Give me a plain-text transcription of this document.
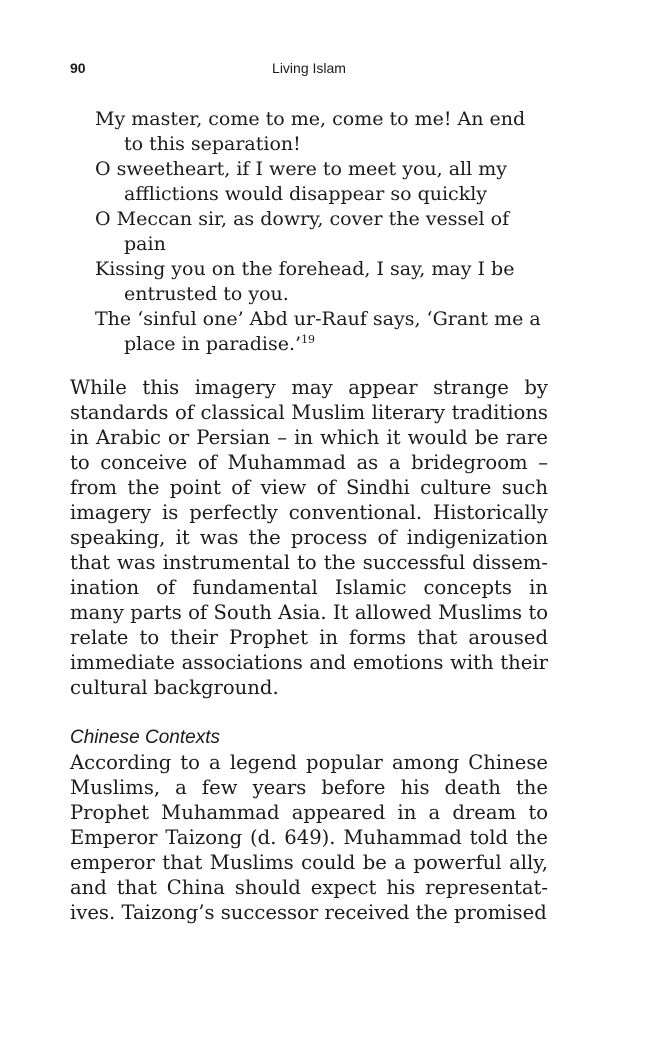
90	Living Islam
My master, come to me, come to me! An end to this separation!
O sweetheart, if I were to meet you, all my afflictions would disappear so quickly
O Meccan sir, as dowry, cover the vessel of pain
Kissing you on the forehead, I say, may I be entrusted to you.
The ‘sinful one’ Abd ur-Rauf says, ‘Grant me a place in paradise.’$^{19}$

While this imagery may appear strange by standards of classical Muslim literary traditions in Arabic or Persian – in which it would be rare to conceive of Muhammad as a bridegroom – from the point of view of Sindhi culture such imagery is perfectly conventional. Historically speaking, it was the process of indigenization that was instrumental to the successful dissemination of fundamental Islamic concepts in many parts of South Asia. It allowed Muslims to relate to their Prophet in forms that aroused immediate associations and emotions with their cultural background.

Chinese Contexts

According to a legend popular among Chinese Muslims, a few years before his death the Prophet Muhammad appeared in a dream to Emperor Taizong (d. 649). Muhammad told the emperor that Muslims could be a powerful ally, and that China should expect his representatives. Taizong’s successor received the promised
